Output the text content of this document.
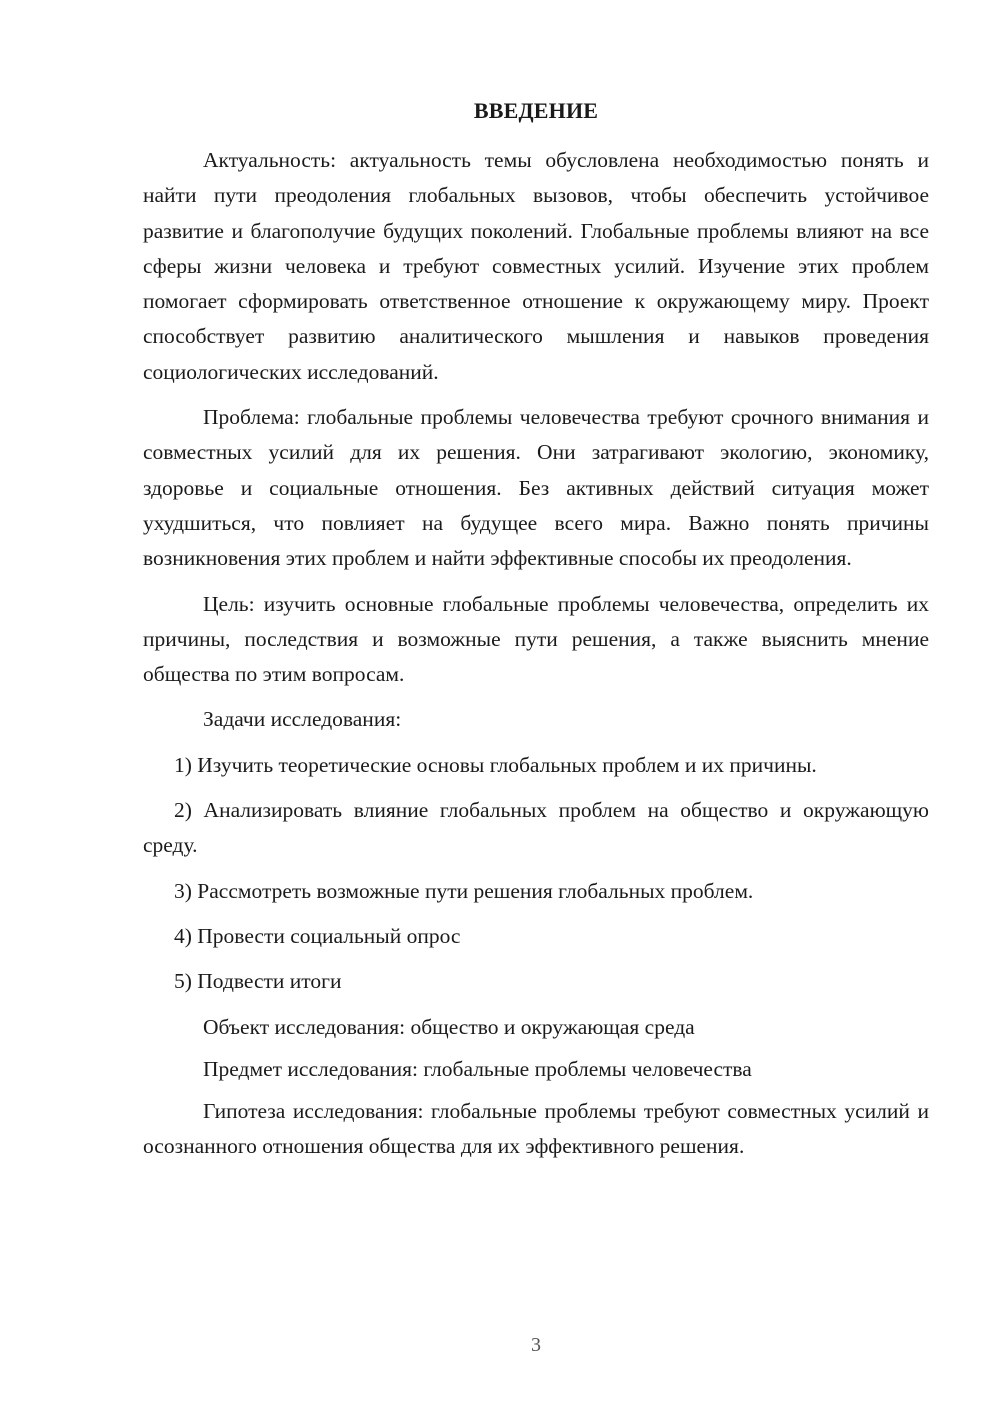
ВВЕДЕНИЕ

Актуальность: актуальность темы обусловлена необходимостью понять и найти пути преодоления глобальных вызовов, чтобы обеспечить устойчивое развитие и благополучие будущих поколений. Глобальные проблемы влияют на все сферы жизни человека и требуют совместных усилий. Изучение этих проблем помогает сформировать ответственное отношение к окружающему миру. Проект способствует развитию аналитического мышления и навыков проведения социологических исследований.

Проблема: глобальные проблемы человечества требуют срочного внимания и совместных усилий для их решения. Они затрагивают экологию, экономику, здоровье и социальные отношения. Без активных действий ситуация может ухудшиться, что повлияет на будущее всего мира. Важно понять причины возникновения этих проблем и найти эффективные способы их преодоления.

Цель: изучить основные глобальные проблемы человечества, определить их причины, последствия и возможные пути решения, а также выяснить мнение общества по этим вопросам.

Задачи исследования:

1) Изучить теоретические основы глобальных проблем и их причины.

2) Анализировать влияние глобальных проблем на общество и окружающую среду.

3) Рассмотреть возможные пути решения глобальных проблем.

4) Провести социальный опрос

5) Подвести итоги

Объект исследования: общество и окружающая среда

Предмет исследования: глобальные проблемы человечества

Гипотеза исследования: глобальные проблемы требуют совместных усилий и осознанного отношения общества для их эффективного решения.

3
